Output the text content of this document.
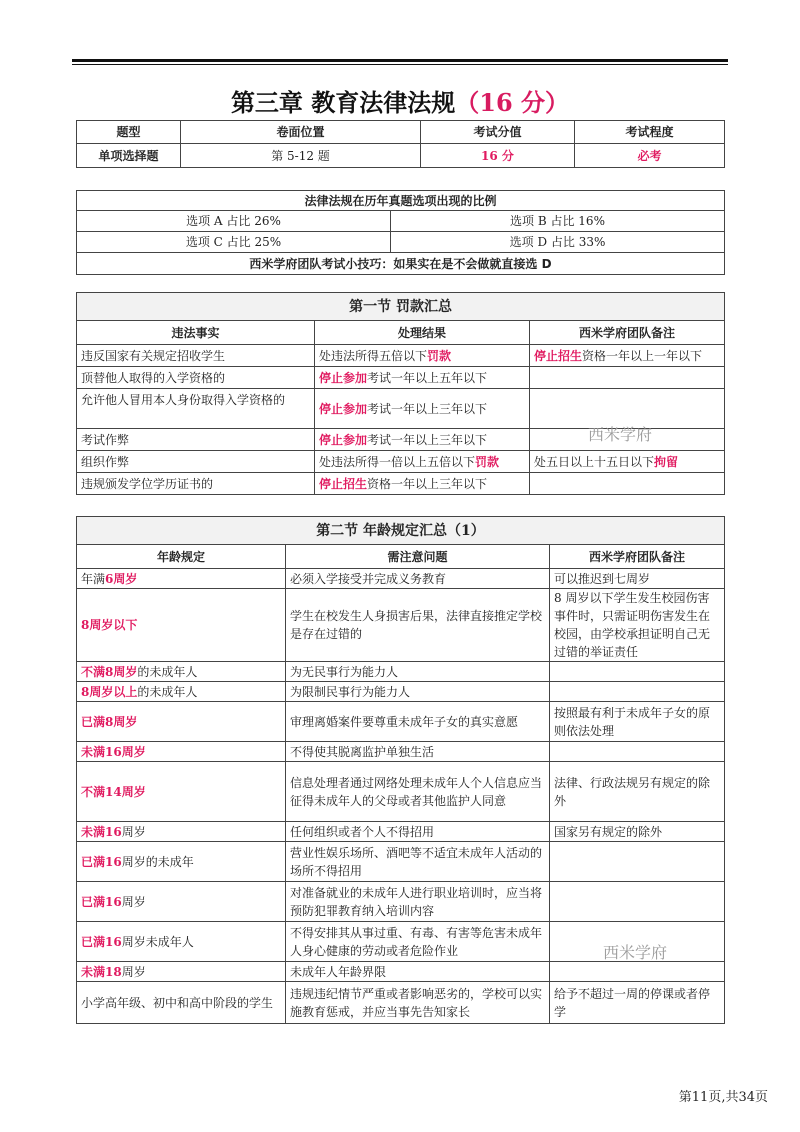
第三章 教育法律法规（16 分）
题型	卷面位置	考试分值	考试程度
单项选择题	第 5-12 题	16 分	必考
法律法规在历年真题选项出现的比例	
选项 A 占比 26%	选项 B 占比 16%
选项 C 占比 25%	选项 D 占比 33%
西米学府团队考试小技巧：如果实在是不会做就直接选 D	
第一节 罚款汇总		
违法事实	处理结果	西米学府团队备注
违反国家有关规定招收学生	处违法所得五倍以下罚款	停止招生资格一年以上一年以下
顶替他人取得的入学资格的	停止参加考试一年以上五年以下	
允许他人冒用本人身份取得入学资格的	停止参加考试一年以上三年以下	
考试作弊	停止参加考试一年以上三年以下	
组织作弊	处违法所得一倍以上五倍以下罚款	处五日以上十五日以下拘留
违规颁发学位学历证书的	停止招生资格一年以上三年以下	
西米学府
第二节 年龄规定汇总（1）		
年龄规定	需注意问题	西米学府团队备注
年满6周岁	必须入学接受并完成义务教育	可以推迟到七周岁
8周岁以下	学生在校发生人身损害后果，法律直接推定学校是存在过错的	8 周岁以下学生发生校园伤害事件时，只需证明伤害发生在校园，由学校承担证明自己无过错的举证责任
不满8周岁的未成年人	为无民事行为能力人	
8周岁以上的未成年人	为限制民事行为能力人	
已满8周岁	审理离婚案件要尊重未成年子女的真实意愿	按照最有利于未成年子女的原则依法处理
未满16周岁	不得使其脱离监护单独生活	
不满14周岁	信息处理者通过网络处理未成年人个人信息应当征得未成年人的父母或者其他监护人同意	法律、行政法规另有规定的除外
未满16周岁	任何组织或者个人不得招用	国家另有规定的除外
已满16周岁的未成年	营业性娱乐场所、酒吧等不适宜未成年人活动的场所不得招用	
已满16周岁	对准备就业的未成年人进行职业培训时，应当将预防犯罪教育纳入培训内容	
已满16周岁未成年人	不得安排其从事过重、有毒、有害等危害未成年人身心健康的劳动或者危险作业	
未满18周岁	未成年人年龄界限	
小学高年级、初中和高中阶段的学生	违规违纪情节严重或者影响恶劣的，学校可以实施教育惩戒，并应当事先告知家长	给予不超过一周的停课或者停学
西米学府
第11页,共34页
